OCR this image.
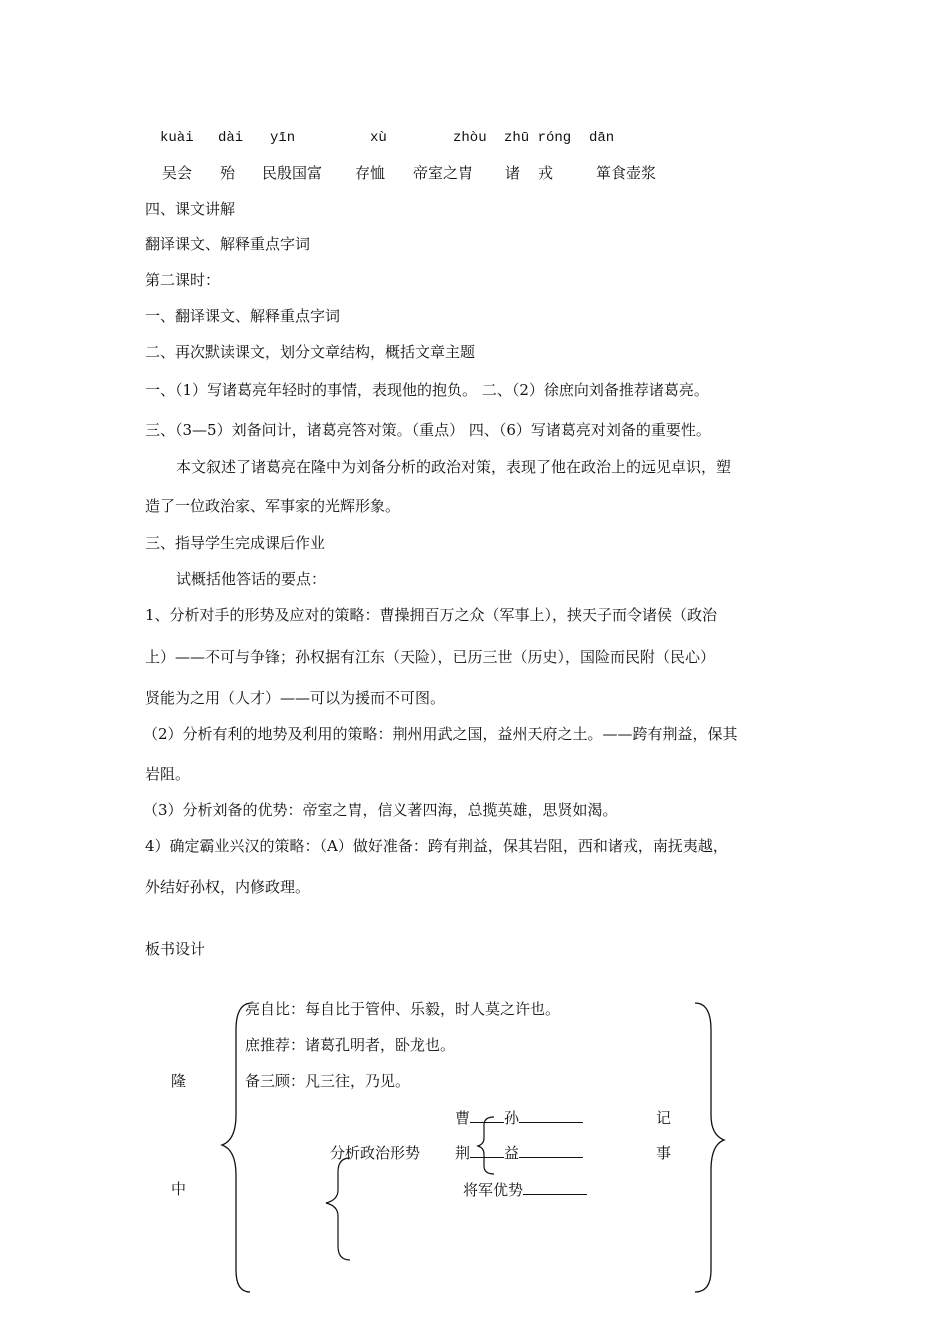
kuài dài yīn	xù	zhòu zhū róng dān
吴会 殆 民殷国富 存恤 帝室之胄 诸 戎	箪食壶浆
四、课文讲解
翻译课文、解释重点字词
第二课时：
一、翻译课文、解释重点字词
二、再次默读课文，划分文章结构，概括文章主题
一、（1）写诸葛亮年轻时的事情，表现他的抱负。 二、（2）徐庶向刘备推荐诸葛亮。
三、（3—5）刘备问计，诸葛亮答对策。（重点） 四、（6）写诸葛亮对刘备的重要性。
本文叙述了诸葛亮在隆中为刘备分析的政治对策，表现了他在政治上的远见卓识，塑
造了一位政治家、军事家的光辉形象。
三、指导学生完成课后作业
试概括他答话的要点：
1、分析对手的形势及应对的策略：曹操拥百万之众（军事上），挟天子而令诸侯（政治
上）——不可与争锋；孙权据有江东（天险），已历三世（历史），国险而民附（民心）
贤能为之用（人才）——可以为援而不可图。
（2）分析有利的地势及利用的策略：荆州用武之国，益州天府之土。——跨有荆益，保其
岩阻。
（3）分析刘备的优势：帝室之胄，信义著四海，总揽英雄，思贤如渴。
4）确定霸业兴汉的策略：（A）做好准备：跨有荆益，保其岩阻，西和诸戎，南抚夷越，
外结好孙权，内修政理。
板书设计
隆
中
亮自比：每自比于管仲、乐毅，时人莫之许也。
庶推荐：诸葛孔明者，卧龙也。
备三顾：凡三往，乃见。
曹 孙
分析政治形势 荆 益
将军优势
记
事
